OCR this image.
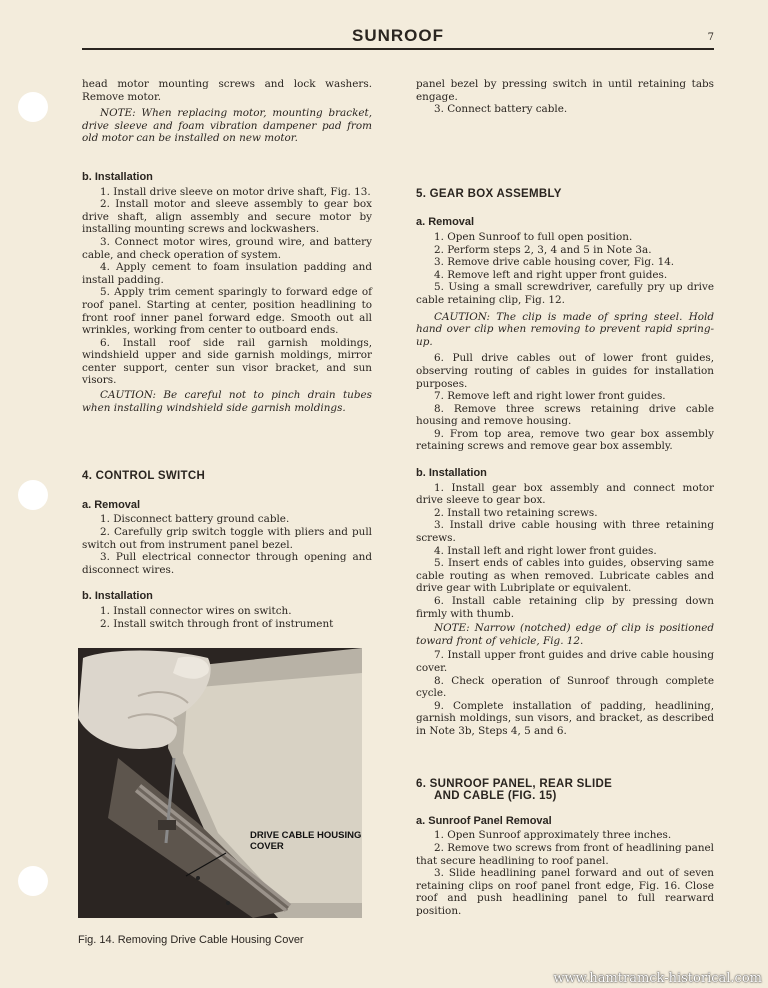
SUNROOF	7

head motor mounting screws and lock washers. Remove motor.

NOTE: When replacing motor, mounting bracket, drive sleeve and foam vibration dampener pad from old motor can be installed on new motor.

b. Installation

1. Install drive sleeve on motor drive shaft, Fig. 13.

2. Install motor and sleeve assembly to gear box drive shaft, align assembly and secure motor by installing mounting screws and lockwashers.

3. Connect motor wires, ground wire, and battery cable, and check operation of system.

4. Apply cement to foam insulation padding and install padding.

5. Apply trim cement sparingly to forward edge of roof panel. Starting at center, position headlining to front roof inner panel forward edge. Smooth out all wrinkles, working from center to outboard ends.

6. Install roof side rail garnish moldings, windshield upper and side garnish moldings, mirror center support, center sun visor bracket, and sun visors.

CAUTION: Be careful not to pinch drain tubes when installing windshield side garnish moldings.

4. CONTROL SWITCH

a. Removal

1. Disconnect battery ground cable.

2. Carefully grip switch toggle with pliers and pull switch out from instrument panel bezel.

3. Pull electrical connector through opening and disconnect wires.

b. Installation

1. Install connector wires on switch.

2. Install switch through front of instrument

DRIVE CABLE HOUSING COVER
Fig. 14. Removing Drive Cable Housing Cover

panel bezel by pressing switch in until retaining tabs engage.

3. Connect battery cable.

5. GEAR BOX ASSEMBLY

a. Removal

1. Open Sunroof to full open position.

2. Perform steps 2, 3, 4 and 5 in Note 3a.

3. Remove drive cable housing cover, Fig. 14.

4. Remove left and right upper front guides.

5. Using a small screwdriver, carefully pry up drive cable retaining clip, Fig. 12.

CAUTION: The clip is made of spring steel. Hold hand over clip when removing to prevent rapid spring-up.

6. Pull drive cables out of lower front guides, observing routing of cables in guides for installation purposes.

7. Remove left and right lower front guides.

8. Remove three screws retaining drive cable housing and remove housing.

9. From top area, remove two gear box assembly retaining screws and remove gear box assembly.

b. Installation

1. Install gear box assembly and connect motor drive sleeve to gear box.

2. Install two retaining screws.

3. Install drive cable housing with three retaining screws.

4. Install left and right lower front guides.

5. Insert ends of cables into guides, observing same cable routing as when removed. Lubricate cables and drive gear with Lubriplate or equivalent.

6. Install cable retaining clip by pressing down firmly with thumb.

NOTE: Narrow (notched) edge of clip is positioned toward front of vehicle, Fig. 12.

7. Install upper front guides and drive cable housing cover.

8. Check operation of Sunroof through complete cycle.

9. Complete installation of padding, headlining, garnish moldings, sun visors, and bracket, as described in Note 3b, Steps 4, 5 and 6.

6. SUNROOF PANEL, REAR SLIDE

AND CABLE (FIG. 15)

a. Sunroof Panel Removal

1. Open Sunroof approximately three inches.

2. Remove two screws from front of headlining panel that secure headlining to roof panel.

3. Slide headlining panel forward and out of seven retaining clips on roof panel front edge, Fig. 16. Close roof and push headlining panel to full rearward position.

www.hamtramck-historical.com
